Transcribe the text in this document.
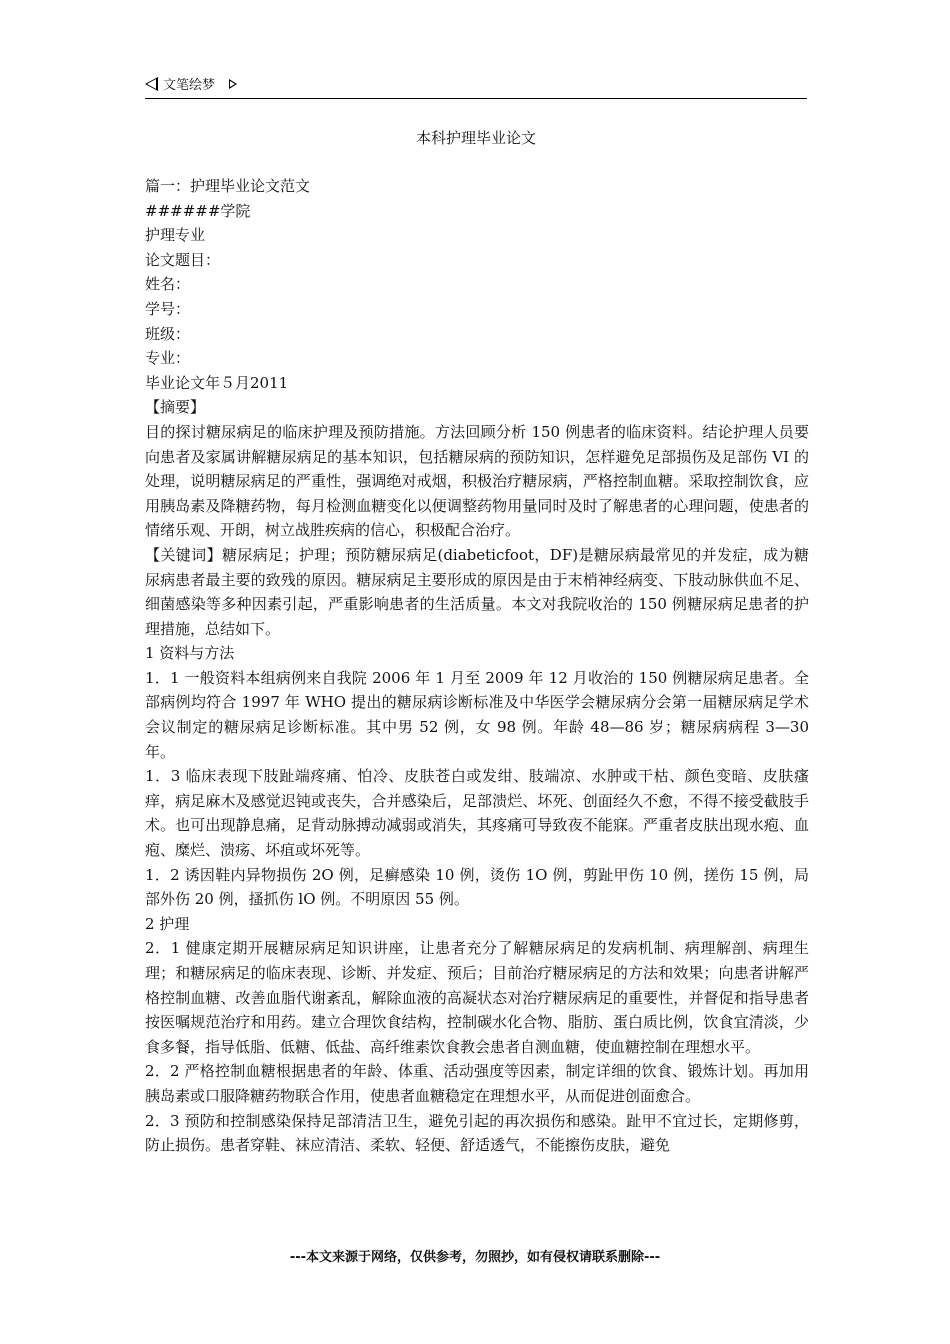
文笔绘梦
本科护理毕业论文

篇一：护理毕业论文范文

######学院

护理专业

论文题目：

姓名：

学号：

班级：

专业：

毕业论文年５月2011

【摘要】

目的探讨糖尿病足的临床护理及预防措施。方法回顾分析 150 例患者的临床资料。结论护理人员要向患者及家属讲解糖尿病足的基本知识，包括糖尿病的预防知识，怎样避免足部损伤及足部伤 VI 的处理，说明糖尿病足的严重性，强调绝对戒烟，积极治疗糖尿病，严格控制血糖。采取控制饮食，应用胰岛素及降糖药物，每月检测血糖变化以便调整药物用量同时及时了解患者的心理问题，使患者的情绪乐观、开朗，树立战胜疾病的信心，积极配合治疗。

【关键词】糖尿病足；护理；预防糖尿病足(diabeticfoot，DF)是糖尿病最常见的并发症，成为糖尿病患者最主要的致残的原因。糖尿病足主要形成的原因是由于末梢神经病变、下肢动脉供血不足、细菌感染等多种因素引起，严重影响患者的生活质量。本文对我院收治的 150 例糖尿病足患者的护理措施，总结如下。

1 资料与方法

1．1 一般资料本组病例来自我院 2006 年 1 月至 2009 年 12 月收治的 150 例糖尿病足患者。全部病例均符合 1997 年 WHO 提出的糖尿病诊断标准及中华医学会糖尿病分会第一届糖尿病足学术会议制定的糖尿病足诊断标准。其中男 52 例，女 98 例。年龄 48—86 岁；糖尿病病程 3—30 年。

1．3 临床表现下肢趾端疼痛、怕冷、皮肤苍白或发绀、肢端凉、水肿或干枯、颜色变暗、皮肤瘙痒，病足麻木及感觉迟钝或丧失，合并感染后，足部溃烂、坏死、创面经久不愈，不得不接受截肢手术。也可出现静息痛，足背动脉搏动减弱或消失，其疼痛可导致夜不能寐。严重者皮肤出现水疱、血疱、糜烂、溃疡、坏疽或坏死等。

1．2 诱因鞋内异物损伤 2O 例，足癣感染 10 例，烫伤 1O 例，剪趾甲伤 10 例，搓伤 15 例，局部外伤 20 例，搔抓伤 lO 例。不明原因 55 例。

2 护理

2．1 健康定期开展糖尿病足知识讲座，让患者充分了解糖尿病足的发病机制、病理解剖、病理生理；和糖尿病足的临床表现、诊断、并发症、预后；目前治疗糖尿病足的方法和效果；向患者讲解严格控制血糖、改善血脂代谢紊乱，解除血液的高凝状态对治疗糖尿病足的重要性，并督促和指导患者按医嘱规范治疗和用药。建立合理饮食结构，控制碳水化合物、脂肪、蛋白质比例，饮食宜清淡，少食多餐，指导低脂、低糖、低盐、高纤维素饮食教会患者自测血糖，使血糖控制在理想水平。

2．2 严格控制血糖根据患者的年龄、体重、活动强度等因素，制定详细的饮食、锻炼计划。再加用胰岛素或口服降糖药物联合作用，使患者血糖稳定在理想水平，从而促进创面愈合。

2．3 预防和控制感染保持足部清洁卫生，避免引起的再次损伤和感染。趾甲不宜过长，定期修剪，防止损伤。患者穿鞋、袜应清洁、柔软、轻便、舒适透气，不能擦伤皮肤，避免

---本文来源于网络，仅供参考，勿照抄，如有侵权请联系删除---
